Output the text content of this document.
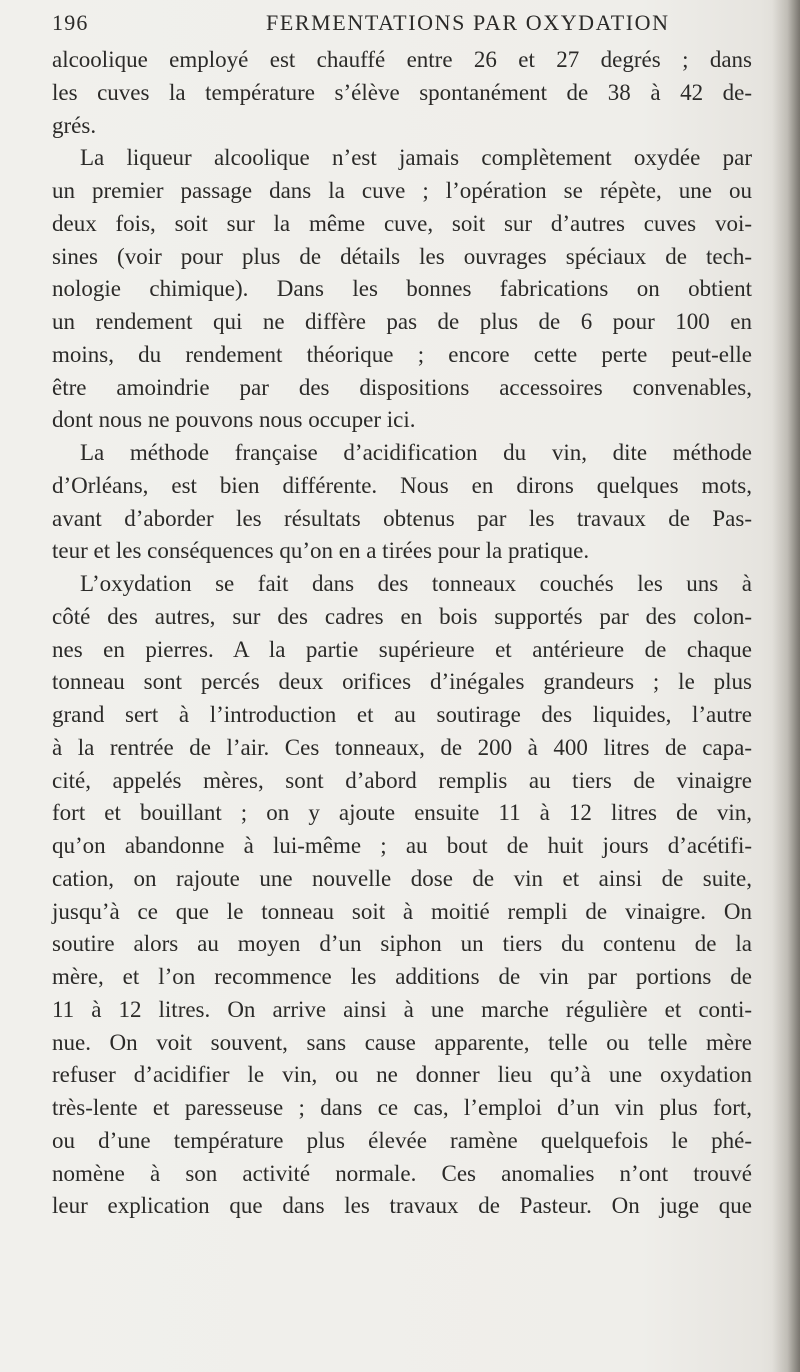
196	FERMENTATIONS PAR OXYDATION
alcoolique employé est chauffé entre 26 et 27 degrés ; dans
les cuves la température s’élève spontanément de 38 à 42 de-
grés.
La liqueur alcoolique n’est jamais complètement oxydée par
un premier passage dans la cuve ; l’opération se répète, une ou
deux fois, soit sur la même cuve, soit sur d’autres cuves voi-
sines (voir pour plus de détails les ouvrages spéciaux de tech-
nologie chimique). Dans les bonnes fabrications on obtient
un rendement qui ne diffère pas de plus de 6 pour 100 en
moins, du rendement théorique ; encore cette perte peut-elle
être amoindrie par des dispositions accessoires convenables,
dont nous ne pouvons nous occuper ici.
La méthode française d’acidification du vin, dite méthode
d’Orléans, est bien différente. Nous en dirons quelques mots,
avant d’aborder les résultats obtenus par les travaux de Pas-
teur et les conséquences qu’on en a tirées pour la pratique.
L’oxydation se fait dans des tonneaux couchés les uns à
côté des autres, sur des cadres en bois supportés par des colon-
nes en pierres. A la partie supérieure et antérieure de chaque
tonneau sont percés deux orifices d’inégales grandeurs ; le plus
grand sert à l’introduction et au soutirage des liquides, l’autre
à la rentrée de l’air. Ces tonneaux, de 200 à 400 litres de capa-
cité, appelés mères, sont d’abord remplis au tiers de vinaigre
fort et bouillant ; on y ajoute ensuite 11 à 12 litres de vin,
qu’on abandonne à lui-même ; au bout de huit jours d’acétifi-
cation, on rajoute une nouvelle dose de vin et ainsi de suite,
jusqu’à ce que le tonneau soit à moitié rempli de vinaigre. On
soutire alors au moyen d’un siphon un tiers du contenu de la
mère, et l’on recommence les additions de vin par portions de
11 à 12 litres. On arrive ainsi à une marche régulière et conti-
nue. On voit souvent, sans cause apparente, telle ou telle mère
refuser d’acidifier le vin, ou ne donner lieu qu’à une oxydation
très-lente et paresseuse ; dans ce cas, l’emploi d’un vin plus fort,
ou d’une température plus élevée ramène quelquefois le phé-
nomène à son activité normale. Ces anomalies n’ont trouvé
leur explication que dans les travaux de Pasteur. On juge que
